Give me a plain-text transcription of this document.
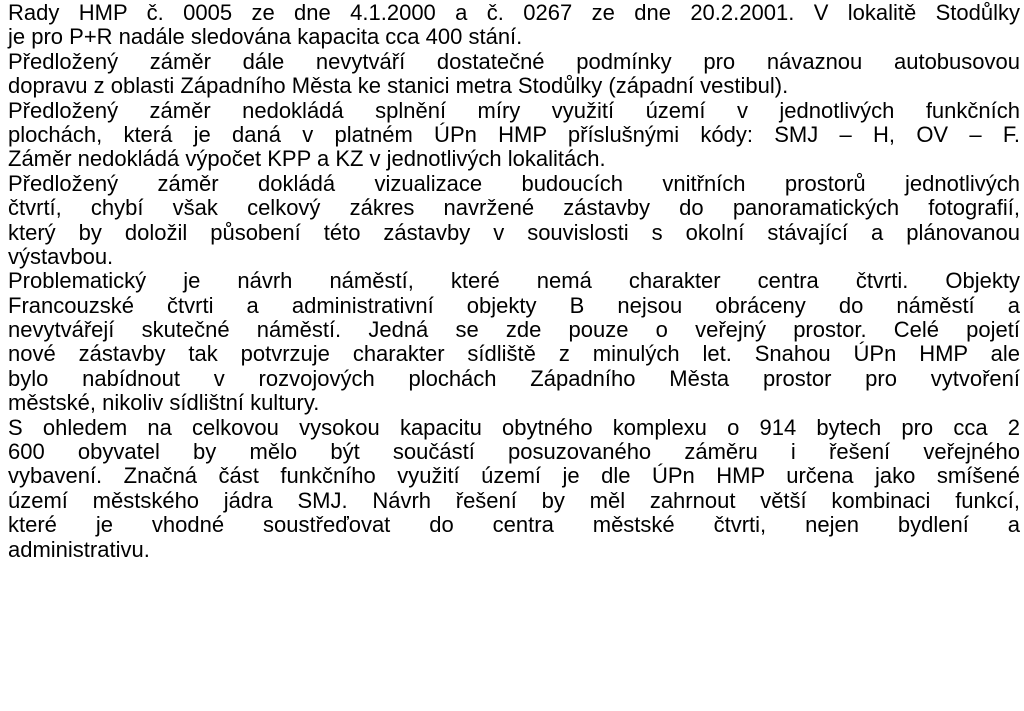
Rady HMP č. 0005 ze dne 4.1.2000 a č. 0267 ze dne 20.2.2001. V lokalitě Stodůlky
je pro P+R nadále sledována kapacita cca 400 stání.

Předložený záměr dále nevytváří dostatečné podmínky pro návaznou autobusovou
dopravu z oblasti Západního Města ke stanici metra Stodůlky (západní vestibul).

Předložený záměr nedokládá splnění míry využití území v jednotlivých funkčních
plochách, která je daná v platném ÚPn HMP příslušnými kódy: SMJ – H, OV – F.
Záměr nedokládá výpočet KPP a KZ v jednotlivých lokalitách.

Předložený záměr dokládá vizualizace budoucích vnitřních prostorů jednotlivých
čtvrtí, chybí však celkový zákres navržené zástavby do panoramatických fotografií,
který by doložil působení této zástavby v souvislosti s okolní stávající a plánovanou
výstavbou.

Problematický je návrh náměstí, které nemá charakter centra čtvrti. Objekty
Francouzské čtvrti a administrativní objekty B nejsou obráceny do náměstí a
nevytvářejí skutečné náměstí. Jedná se zde pouze o veřejný prostor. Celé pojetí
nové zástavby tak potvrzuje charakter sídliště z minulých let. Snahou ÚPn HMP ale
bylo nabídnout v rozvojových plochách Západního Města prostor pro vytvoření
městské, nikoliv sídlištní kultury.

S ohledem na celkovou vysokou kapacitu obytného komplexu o 914 bytech pro cca 2
600 obyvatel by mělo být součástí posuzovaného záměru i řešení veřejného
vybavení. Značná část funkčního využití území je dle ÚPn HMP určena jako smíšené
území městského jádra SMJ. Návrh řešení by měl zahrnout větší kombinaci funkcí,
které je vhodné soustřeďovat do centra městské čtvrti, nejen bydlení a
administrativu.
